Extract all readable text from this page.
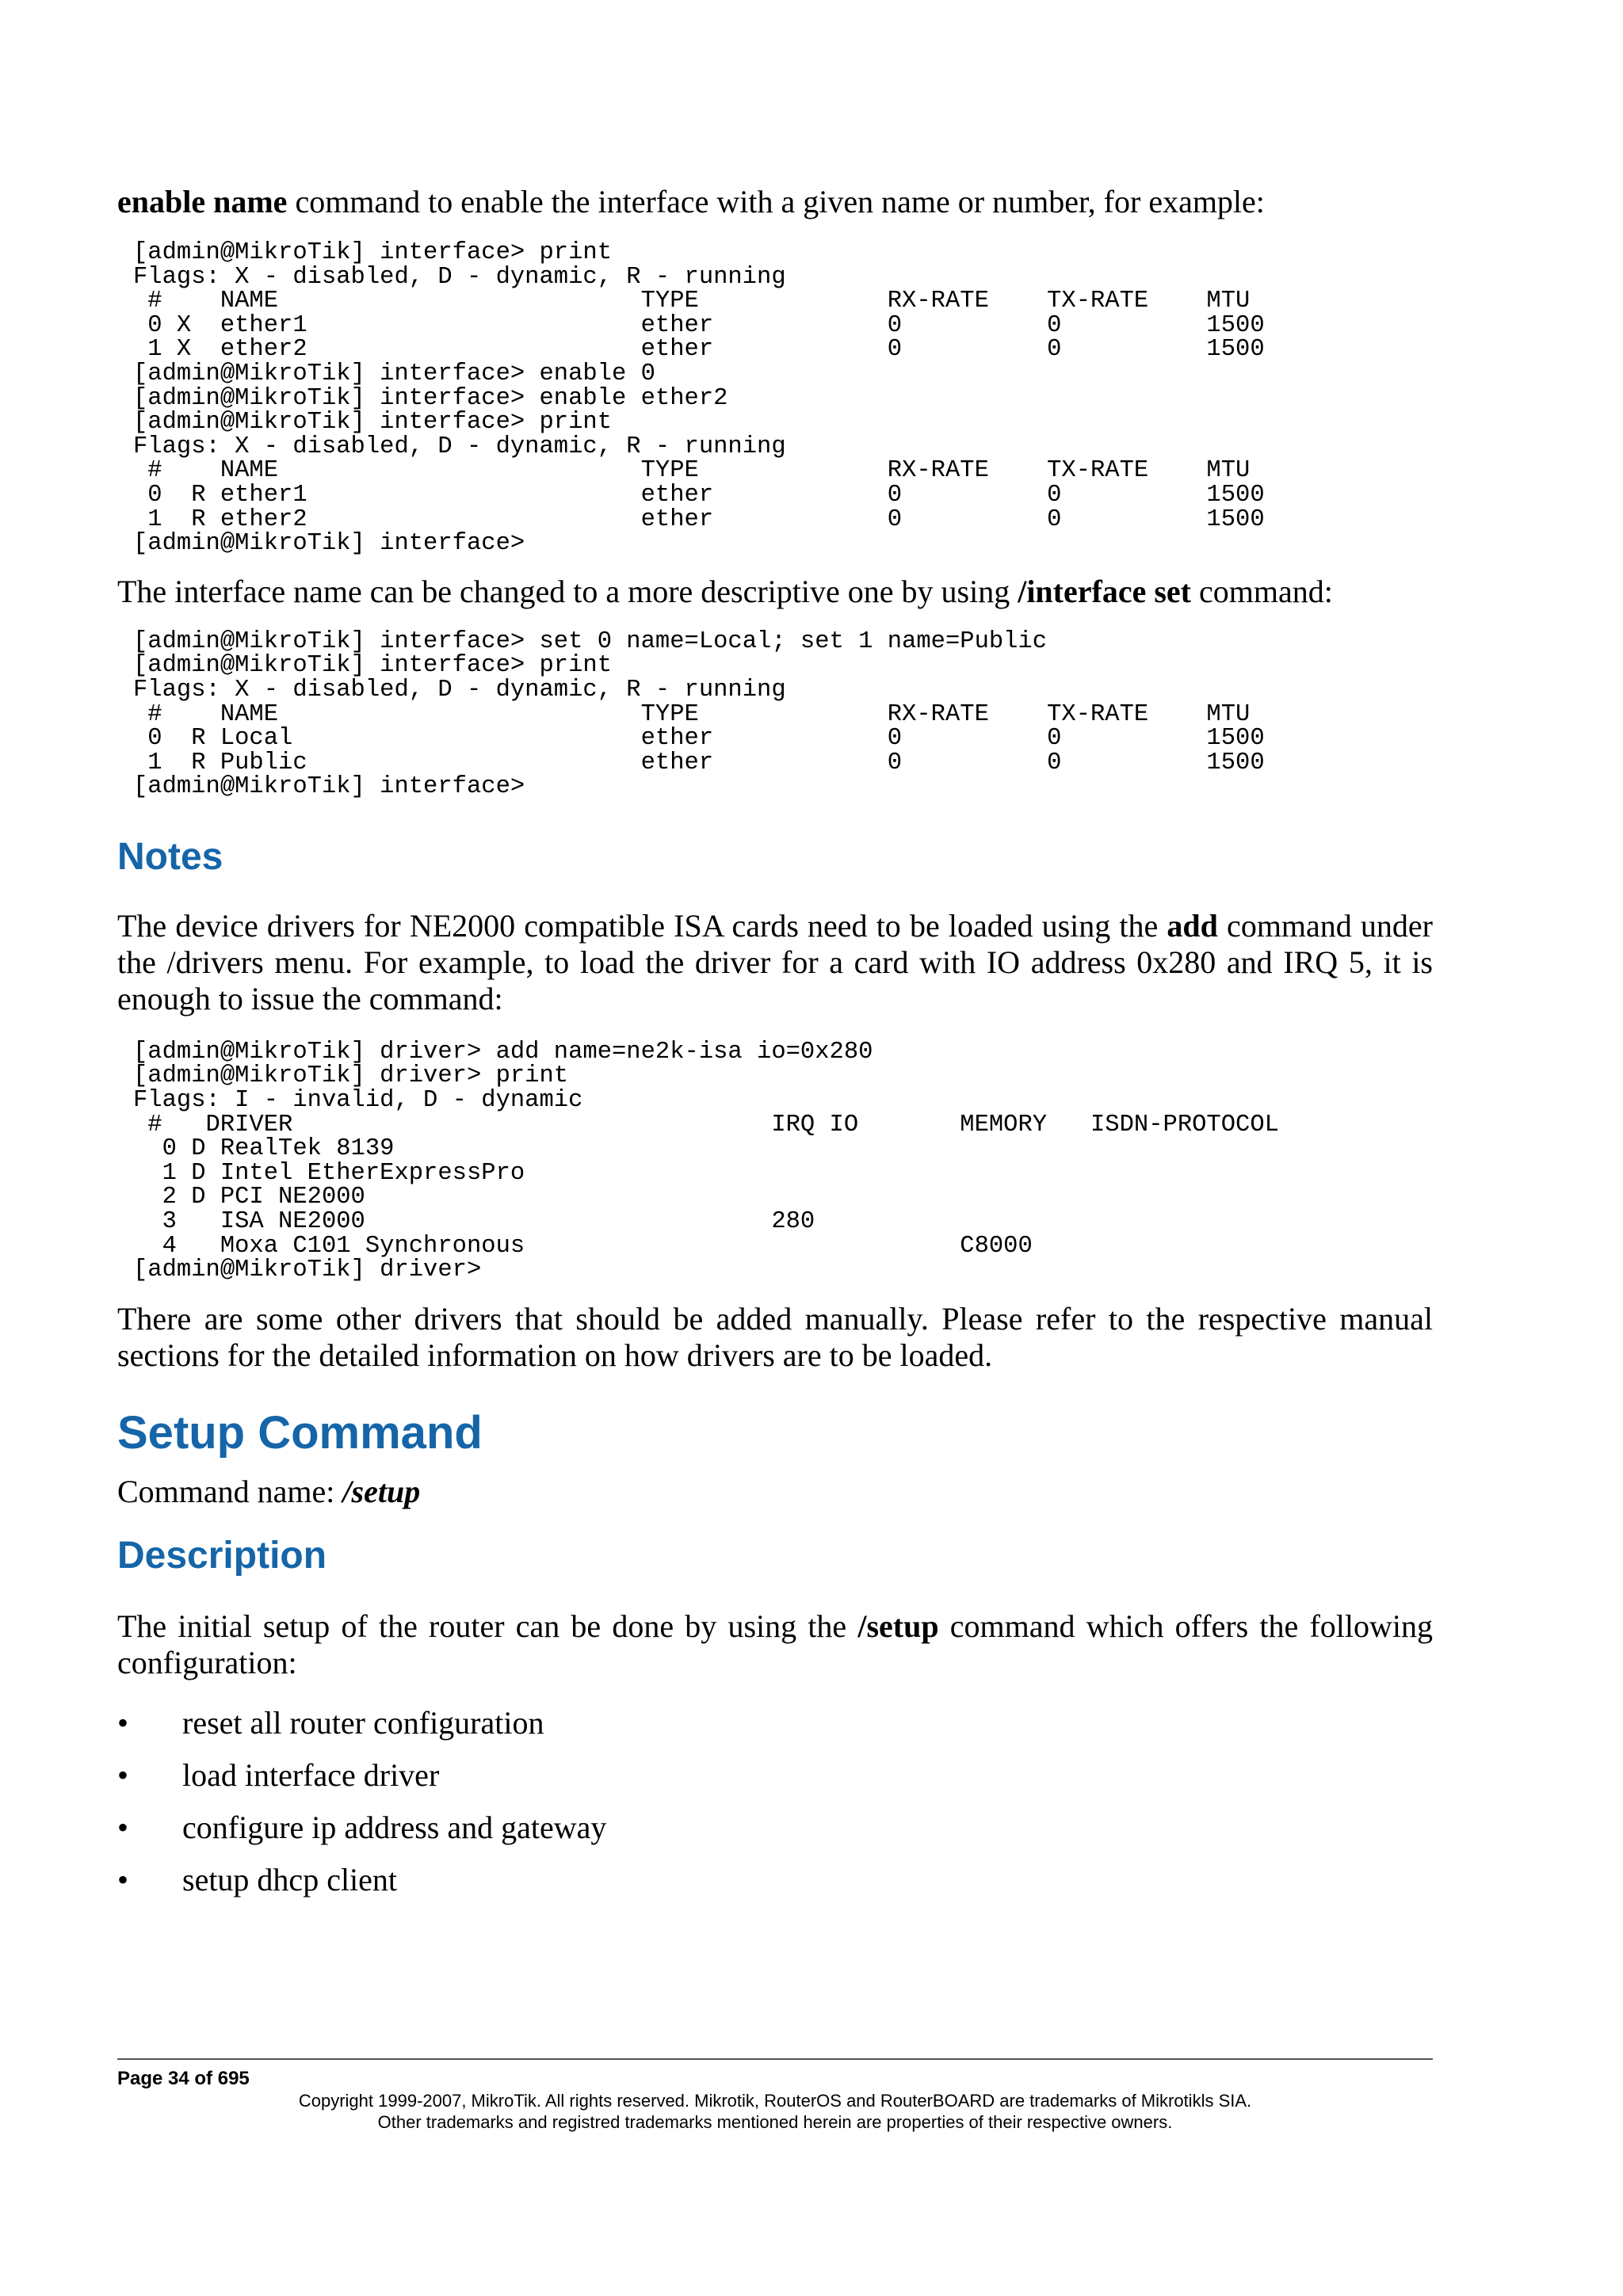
enable name command to enable the interface with a given name or number, for example:

[admin@MikroTik] interface> print
Flags: X - disabled, D - dynamic, R - running
#    NAME                         TYPE             RX-RATE    TX-RATE    MTU
0 X  ether1                       ether            0          0          1500
1 X  ether2                       ether            0          0          1500
[admin@MikroTik] interface> enable 0
[admin@MikroTik] interface> enable ether2
[admin@MikroTik] interface> print
Flags: X - disabled, D - dynamic, R - running
#    NAME                         TYPE             RX-RATE    TX-RATE    MTU
0  R ether1                       ether            0          0          1500
1  R ether2                       ether            0          0          1500
[admin@MikroTik] interface>

The interface name can be changed to a more descriptive one by using /interface set command:

[admin@MikroTik] interface> set 0 name=Local; set 1 name=Public
[admin@MikroTik] interface> print
Flags: X - disabled, D - dynamic, R - running
#    NAME                         TYPE             RX-RATE    TX-RATE    MTU
0  R Local                        ether            0          0          1500
1  R Public                       ether            0          0          1500
[admin@MikroTik] interface>
Notes

The device drivers for NE2000 compatible ISA cards need to be loaded using the add command under the /drivers menu. For example, to load the driver for a card with IO address 0x280 and IRQ 5, it is enough to issue the command:

[admin@MikroTik] driver> add name=ne2k-isa io=0x280
[admin@MikroTik] driver> print
Flags: I - invalid, D - dynamic
#   DRIVER                                 IRQ IO       MEMORY   ISDN-PROTOCOL
0 D RealTek 8139
1 D Intel EtherExpressPro
2 D PCI NE2000
3   ISA NE2000                            280
4   Moxa C101 Synchronous                              C8000
[admin@MikroTik] driver>

There are some other drivers that should be added manually. Please refer to the respective manual sections for the detailed information on how drivers are to be loaded.

Setup Command

Command name: /setup

Description

The initial setup of the router can be done by using the /setup command which offers the following configuration:

•	reset all router configuration
•	load interface driver
•	configure ip address and gateway
•	setup dhcp client
Page 34 of 695
Copyright 1999-2007, MikroTik. All rights reserved. Mikrotik, RouterOS and RouterBOARD are trademarks of Mikrotikls SIA.
Other trademarks and registred trademarks mentioned herein are properties of their respective owners.
